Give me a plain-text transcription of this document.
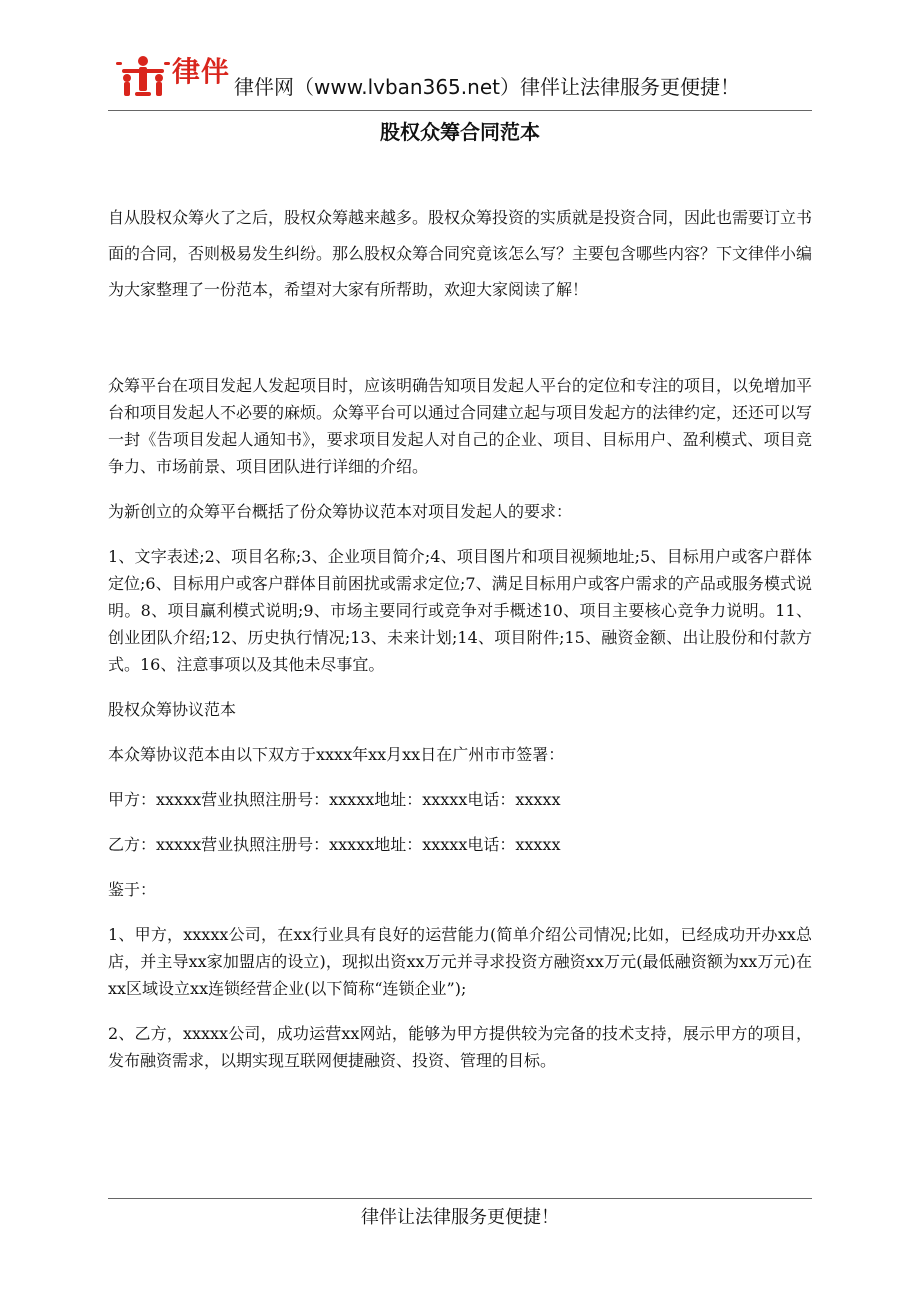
律伴 律伴网（www.lvban365.net）律伴让法律服务更便捷！
股权众筹合同范本

自从股权众筹火了之后，股权众筹越来越多。股权众筹投资的实质就是投资合同，因此也需要订立书面的合同，否则极易发生纠纷。那么股权众筹合同究竟该怎么写？主要包含哪些内容？下文律伴小编为大家整理了一份范本，希望对大家有所帮助，欢迎大家阅读了解！

众筹平台在项目发起人发起项目时，应该明确告知项目发起人平台的定位和专注的项目，以免增加平台和项目发起人不必要的麻烦。众筹平台可以通过合同建立起与项目发起方的法律约定，还还可以写一封《告项目发起人通知书》，要求项目发起人对自己的企业、项目、目标用户、盈利模式、项目竞争力、市场前景、项目团队进行详细的介绍。

为新创立的众筹平台概括了份众筹协议范本对项目发起人的要求：

1、文字表述;2、项目名称;3、企业项目简介;4、项目图片和项目视频地址;5、目标用户或客户群体定位;6、目标用户或客户群体目前困扰或需求定位;7、满足目标用户或客户需求的产品或服务模式说明。8、项目赢利模式说明;9、市场主要同行或竞争对手概述10、项目主要核心竞争力说明。11、创业团队介绍;12、历史执行情况;13、未来计划;14、项目附件;15、融资金额、出让股份和付款方式。16、注意事项以及其他未尽事宜。

股权众筹协议范本

本众筹协议范本由以下双方于xxxx年xx月xx日在广州市市签署：

甲方：xxxxx营业执照注册号：xxxxx地址：xxxxx电话：xxxxx

乙方：xxxxx营业执照注册号：xxxxx地址：xxxxx电话：xxxxx

鉴于：

1、甲方，xxxxx公司，在xx行业具有良好的运营能力(简单介绍公司情况;比如，已经成功开办xx总店，并主导xx家加盟店的设立)，现拟出资xx万元并寻求投资方融资xx万元(最低融资额为xx万元)在xx区域设立xx连锁经营企业(以下简称“连锁企业”);

2、乙方，xxxxx公司，成功运营xx网站，能够为甲方提供较为完备的技术支持，展示甲方的项目，发布融资需求，以期实现互联网便捷融资、投资、管理的目标。

律伴让法律服务更便捷！
